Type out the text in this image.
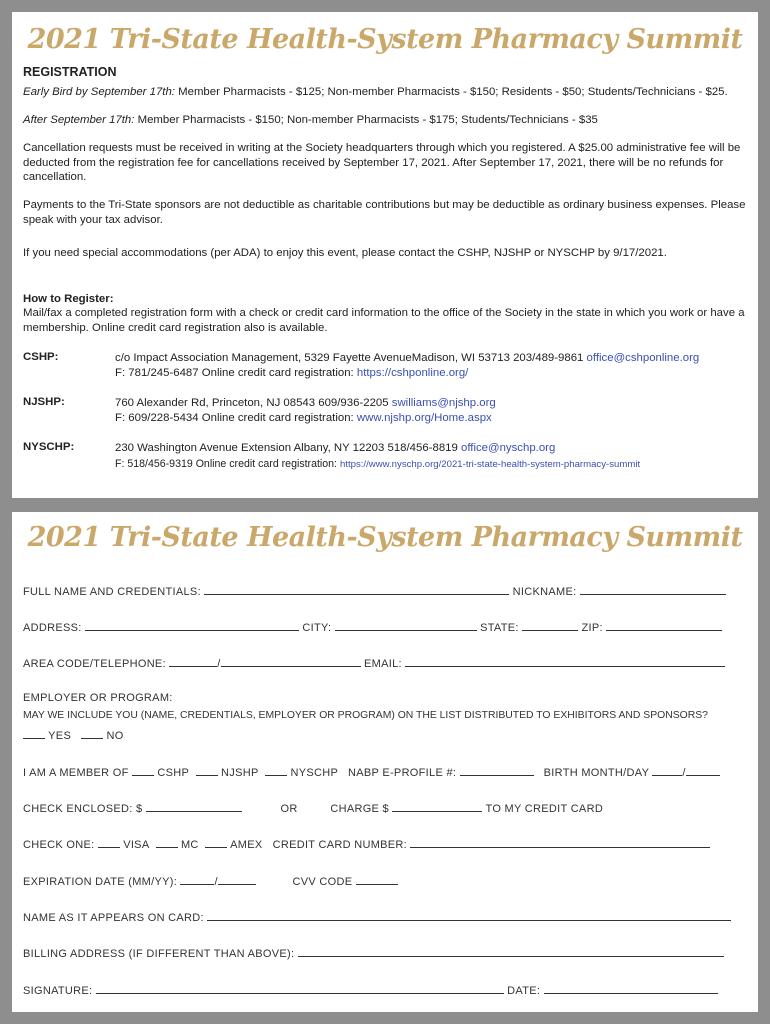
2021 Tri-State Health-System Pharmacy Summit
REGISTRATION
Early Bird by September 17th: Member Pharmacists - $125; Non-member Pharmacists - $150; Residents - $50; Students/Technicians - $25.
After September 17th: Member Pharmacists - $150; Non-member Pharmacists - $175; Students/Technicians - $35
Cancellation requests must be received in writing at the Society headquarters through which you registered. A $25.00 administrative fee will be deducted from the registration fee for cancellations received by September 17, 2021. After September 17, 2021, there will be no refunds for cancellation.
Payments to the Tri-State sponsors are not deductible as charitable contributions but may be deductible as ordinary business expenses. Please speak with your tax advisor.
If you need special accommodations (per ADA) to enjoy this event, please contact the CSHP, NJSHP or NYSCHP by 9/17/2021.
How to Register:
Mail/fax a completed registration form with a check or credit card information to the office of the Society in the state in which you work or have a membership. Online credit card registration also is available.
CSHP:	c/o Impact Association Management, 5329 Fayette AvenueMadison, WI 53713 203/489-9861 office@cshponline.org
F: 781/245-6487 Online credit card registration: https://cshponline.org/
NJSHP:	760 Alexander Rd, Princeton, NJ 08543 609/936-2205 swilliams@njshp.org
F: 609/228-5434 Online credit card registration: www.njshp.org/Home.aspx
NYSCHP:	230 Washington Avenue Extension Albany, NY 12203 518/456-8819 office@nyschp.org
F: 518/456-9319 Online credit card registration: https://www.nyschp.org/2021-tri-state-health-system-pharmacy-summit
2021 Tri-State Health-System Pharmacy Summit
FULL NAME AND CREDENTIALS:	NICKNAME:
ADDRESS:	CITY:	STATE:	ZIP:
AREA CODE/TELEPHONE:	/	EMAIL:
EMPLOYER OR PROGRAM:
MAY WE INCLUDE YOU (NAME, CREDENTIALS, EMPLOYER OR PROGRAM) ON THE LIST DISTRIBUTED TO EXHIBITORS AND SPONSORS?
YES	NO
I AM A MEMBER OF	CSHP	NJSHP	NYSCHP NABP E-PROFILE #:	BIRTH MONTH/DAY	/
CHECK ENCLOSED: $	OR	CHARGE $	TO MY CREDIT CARD
CHECK ONE:	VISA	MC	AMEX CREDIT CARD NUMBER:
EXPIRATION DATE (MM/YY):	/	CVV CODE
NAME AS IT APPEARS ON CARD:
BILLING ADDRESS (IF DIFFERENT THAN ABOVE):
SIGNATURE:	DATE:
